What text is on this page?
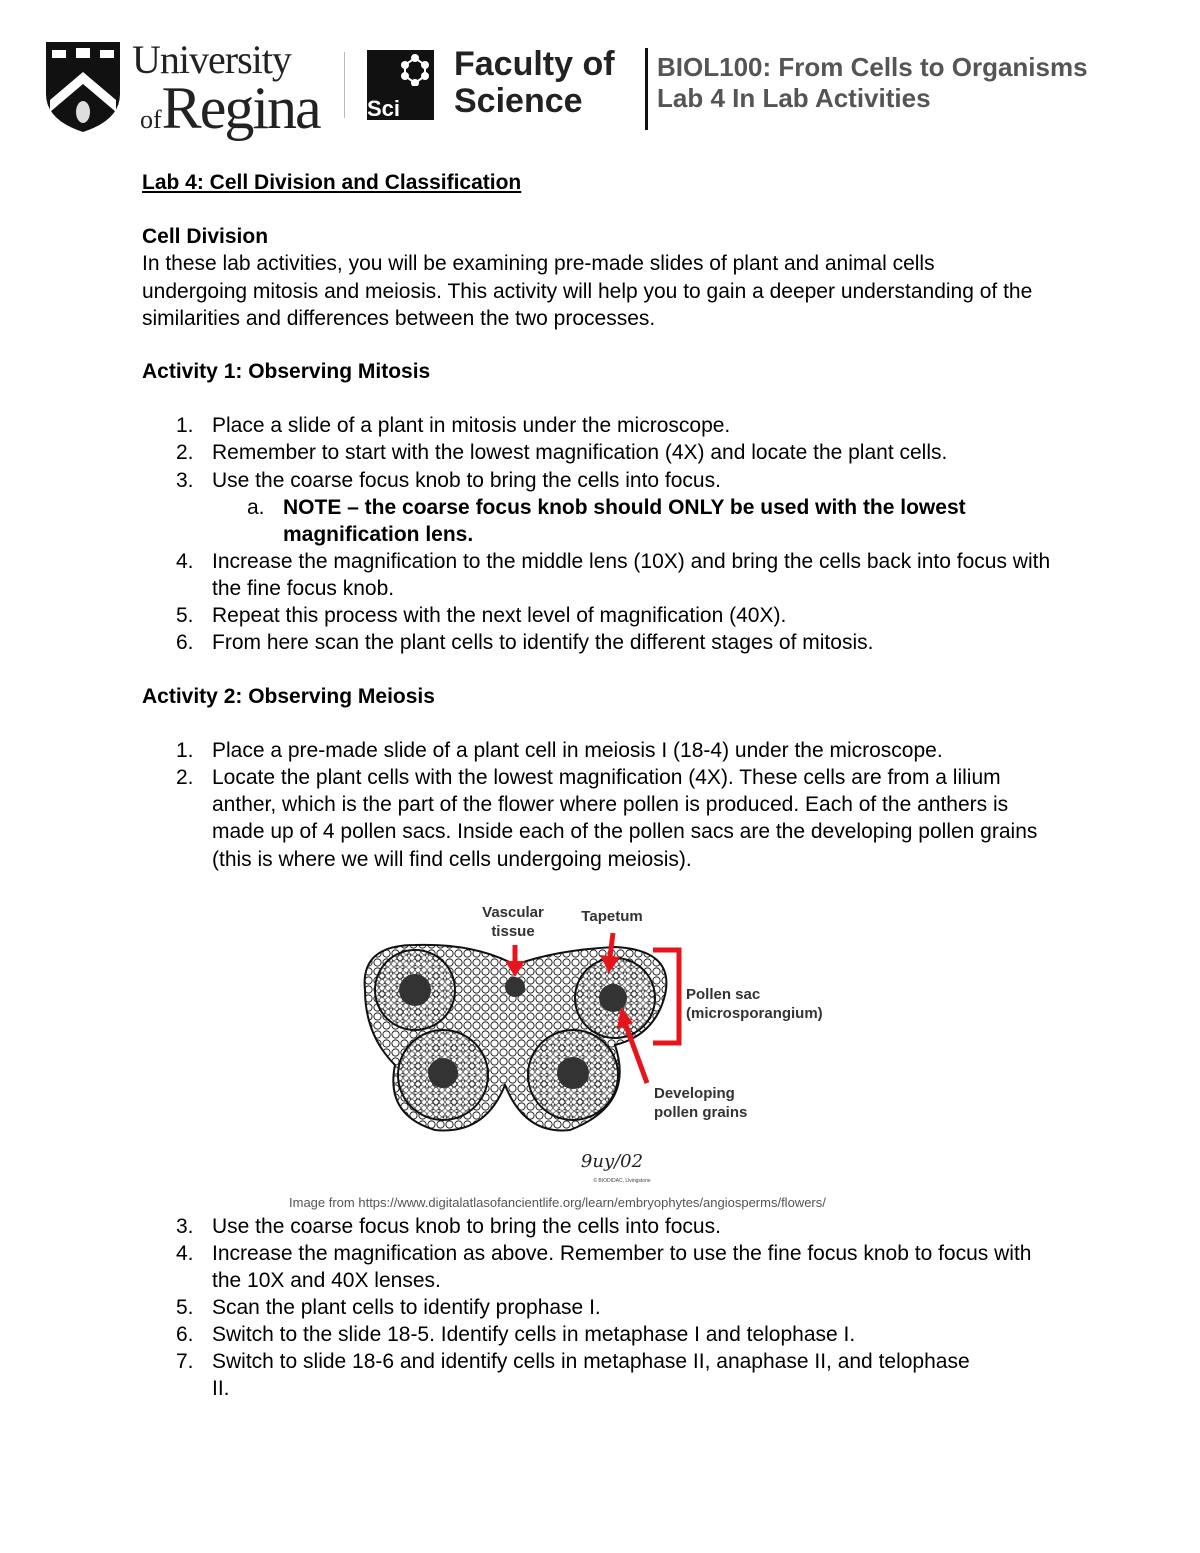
University
ofRegina Sci
Faculty of
Science
BIOL100: From Cells to Organisms
Lab 4 In Lab Activities
Lab 4: Cell Division and Classification
Cell Division
In these lab activities, you will be examining pre-made slides of plant and animal cells undergoing mitosis and meiosis. This activity will help you to gain a deeper understanding of the similarities and differences between the two processes.
Activity 1: Observing Mitosis
1. Place a slide of a plant in mitosis under the microscope.
2. Remember to start with the lowest magnification (4X) and locate the plant cells.
3. Use the coarse focus knob to bring the cells into focus.
a. NOTE – the coarse focus knob should ONLY be used with the lowest magnification lens.
4. Increase the magnification to the middle lens (10X) and bring the cells back into focus with the fine focus knob.
5. Repeat this process with the next level of magnification (40X).
6. From here scan the plant cells to identify the different stages of mitosis.
Activity 2: Observing Meiosis
1. Place a pre-made slide of a plant cell in meiosis I (18-4) under the microscope.
2. Locate the plant cells with the lowest magnification (4X). These cells are from a lilium anther, which is the part of the flower where pollen is produced. Each of the anthers is made up of 4 pollen sacs. Inside each of the pollen sacs are the developing pollen grains (this is where we will find cells undergoing meiosis).
Vascular
tissue
Tapetum
Pollen sac
(microsporangium)
Developing
pollen grains
9uy/02
© BIODIDAC, Livingstone
Image from https://www.digitalatlasofancientlife.org/learn/embryophytes/angiosperms/flowers/
3. Use the coarse focus knob to bring the cells into focus.
4. Increase the magnification as above. Remember to use the fine focus knob to focus with the 10X and 40X lenses.
5. Scan the plant cells to identify prophase I.
6. Switch to the slide 18-5. Identify cells in metaphase I and telophase I.
7. Switch to slide 18-6 and identify cells in metaphase II, anaphase II, and telophase II.
